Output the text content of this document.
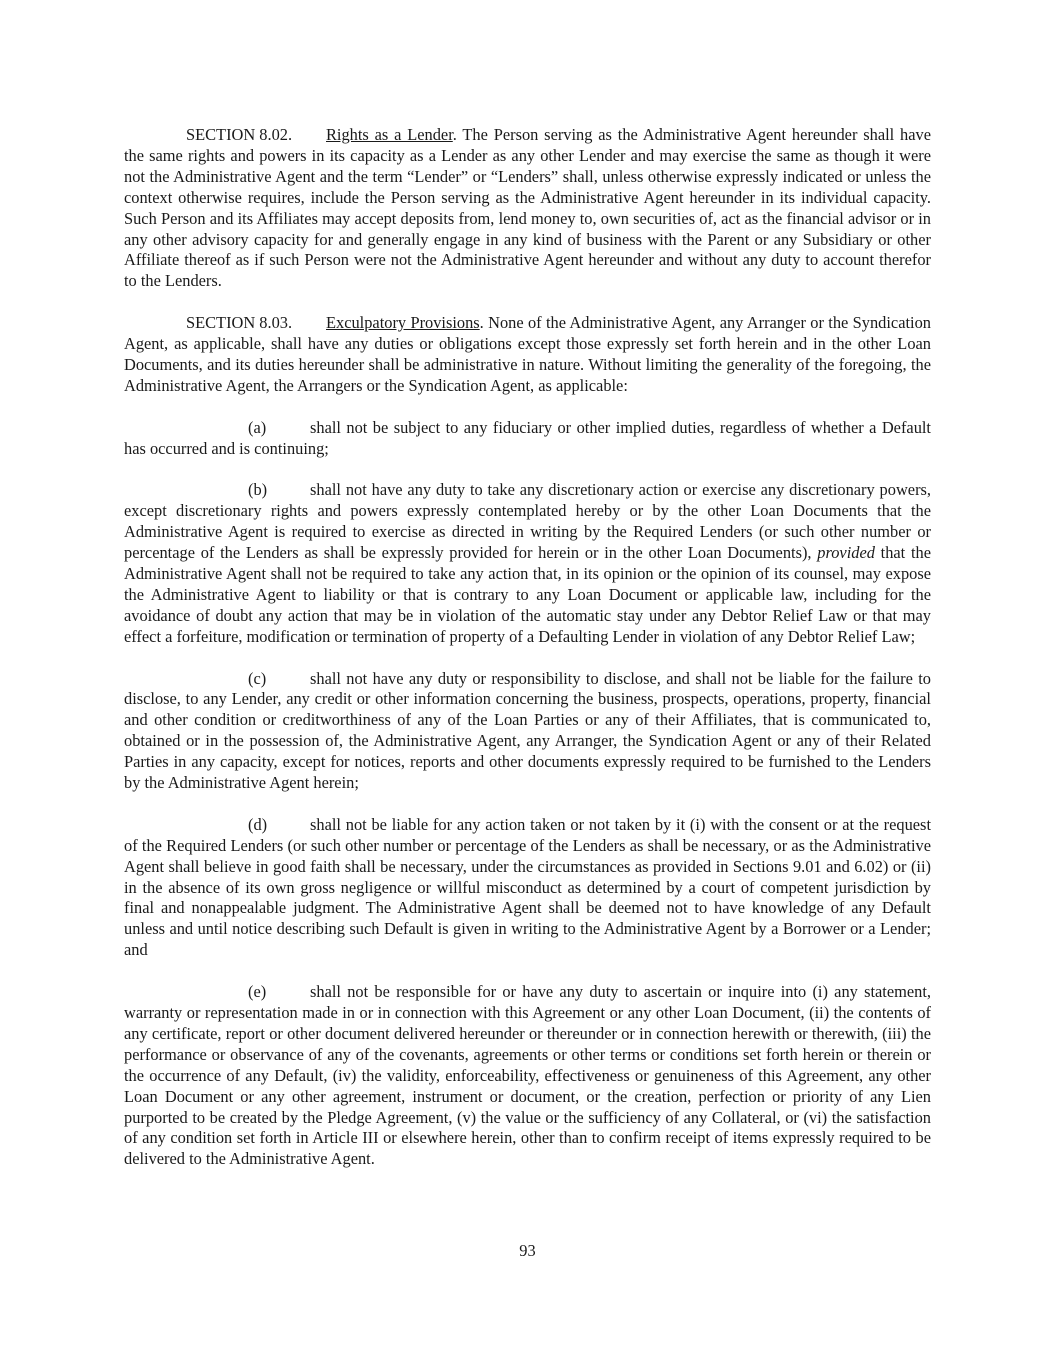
SECTION 8.02. Rights as a Lender. The Person serving as the Administrative Agent hereunder shall have the same rights and powers in its capacity as a Lender as any other Lender and may exercise the same as though it were not the Administrative Agent and the term “Lender” or “Lenders” shall, unless otherwise expressly indicated or unless the context otherwise requires, include the Person serving as the Administrative Agent hereunder in its individual capacity. Such Person and its Affiliates may accept deposits from, lend money to, own securities of, act as the financial advisor or in any other advisory capacity for and generally engage in any kind of business with the Parent or any Subsidiary or other Affiliate thereof as if such Person were not the Administrative Agent hereunder and without any duty to account therefor to the Lenders.

SECTION 8.03. Exculpatory Provisions. None of the Administrative Agent, any Arranger or the Syndication Agent, as applicable, shall have any duties or obligations except those expressly set forth herein and in the other Loan Documents, and its duties hereunder shall be administrative in nature. Without limiting the generality of the foregoing, the Administrative Agent, the Arrangers or the Syndication Agent, as applicable:

(a)	shall not be subject to any fiduciary or other implied duties, regardless of whether a Default has occurred and is continuing;

(b)	shall not have any duty to take any discretionary action or exercise any discretionary powers, except discretionary rights and powers expressly contemplated hereby or by the other Loan Documents that the Administrative Agent is required to exercise as directed in writing by the Required Lenders (or such other number or percentage of the Lenders as shall be expressly provided for herein or in the other Loan Documents), provided that the Administrative Agent shall not be required to take any action that, in its opinion or the opinion of its counsel, may expose the Administrative Agent to liability or that is contrary to any Loan Document or applicable law, including for the avoidance of doubt any action that may be in violation of the automatic stay under any Debtor Relief Law or that may effect a forfeiture, modification or termination of property of a Defaulting Lender in violation of any Debtor Relief Law;

(c)	shall not have any duty or responsibility to disclose, and shall not be liable for the failure to disclose, to any Lender, any credit or other information concerning the business, prospects, operations, property, financial and other condition or creditworthiness of any of the Loan Parties or any of their Affiliates, that is communicated to, obtained or in the possession of, the Administrative Agent, any Arranger, the Syndication Agent or any of their Related Parties in any capacity, except for notices, reports and other documents expressly required to be furnished to the Lenders by the Administrative Agent herein;

(d)	shall not be liable for any action taken or not taken by it (i) with the consent or at the request of the Required Lenders (or such other number or percentage of the Lenders as shall be necessary, or as the Administrative Agent shall believe in good faith shall be necessary, under the circumstances as provided in Sections 9.01 and 6.02) or (ii) in the absence of its own gross negligence or willful misconduct as determined by a court of competent jurisdiction by final and nonappealable judgment. The Administrative Agent shall be deemed not to have knowledge of any Default unless and until notice describing such Default is given in writing to the Administrative Agent by a Borrower or a Lender; and

(e)	shall not be responsible for or have any duty to ascertain or inquire into (i) any statement, warranty or representation made in or in connection with this Agreement or any other Loan Document, (ii) the contents of any certificate, report or other document delivered hereunder or thereunder or in connection herewith or therewith, (iii) the performance or observance of any of the covenants, agreements or other terms or conditions set forth herein or therein or the occurrence of any Default, (iv) the validity, enforceability, effectiveness or genuineness of this Agreement, any other Loan Document or any other agreement, instrument or document, or the creation, perfection or priority of any Lien purported to be created by the Pledge Agreement, (v) the value or the sufficiency of any Collateral, or (vi) the satisfaction of any condition set forth in Article III or elsewhere herein, other than to confirm receipt of items expressly required to be delivered to the Administrative Agent.

93
